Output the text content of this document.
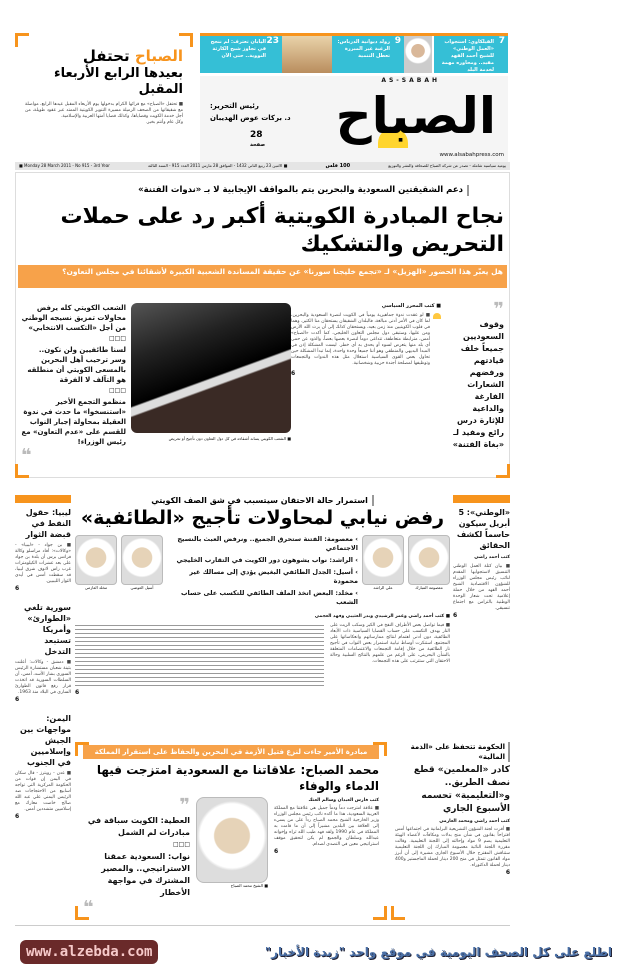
الصباح تحتفل
بعيدها الرابع الأربعاء المقبل
■ تحتفل «الصباح» مع قرائها الكرام بدخولها يوم الأربعاء المقبل عيدها الرابع، مواصلة مع شقيقاتها من الصحف الزميلة مسيرة التنوير الكويتية الممتد عبر عقود طويلة، من أجل خدمة الكويت وقضاياها، وكذلك قضايا أمتها العربية والإسلامية.
وكل عام وأنتم بخير.
7
الفيلكاوي: استجواب «العمل الوطني» للشيخ أحمد الفهد مفيد.. ومحاوره مهمة لخدمة البلد
9
رولد ديوانية الدرباس: الرغبة غير المبررة تعطل التنمية
23
اليابان تعترف: لم ننجح في تجاوز شبح الكارثة النووية.. حتى الآن
AS-SABAH
الصباح
رئيس التحرير:
د. بركات عوض الهديبان
28
صفحة
www.alsabahpress.com
يومية سياسية شاملة - تصدر عن شركة الصباح للصحافة والنشر والتوزيع
100 فلس
■ الاثنين 23 ربيع الثاني 1432 - الموافق 28 مارس 2011 العدد 915 - السنة الثالثة
■ Monday 28 March 2011 - No 915 - 3rd Year
دعم الشقيقتين السعودية والبحرين يتم بالمواقف الإيجابية لا بـ «ندوات الفتنة»
نجاح المبادرة الكويتية أكبر رد على حملات التحريض والتشكيك
هل يعبّر هذا الحضور «الهزيل» لـ «تجمع خليجنا سورنا» عن حقيقة المساندة الشعبية الكبيرة لأشقائنا في مجلس التعاون؟
❞
وقوف السعوديين جميعاً خلف قيادتهم ورفضهم الشعارات الفارغة والداعية للإثارة درس رائع ومفيد لـ «بغاة الفتنة»
■ كتب المحرر السياسي
■ لو عقدت ندوة جماهيرية يومياً في الكويت لنصرة السعودية والبحرين، لما كان في الأمر أدنى مبالغة، فالبلدان الشقيقان يستحقان منا الكثير، وهما في قلوب الكويتيين منذ زمن بعيد، ويستحقان كذلك إلى أن يرث الله الأرض ومن عليها، وستبقى دول مجلس التعاون الخليجي، كما أكدت «الصباح» أمس، مترابطة متعاطفة، تتداعى دوماً لنصرة بعضها بعضاً، والذود عن حمى أي بلد منها يتعرض لسوء أو يحدق به أي خطر. ليست المشكلة إذن في المبدأ البديهي والمنطقي وهو أننا جميعاً وحدة واحدة، إنما تبدأ المشكلة حين تحاول بعض القوى السياسية استغلال مثل هذه الندوات والتجمعات وتوظيفها لمصلحة أجندة حزبية وشخصانية.
6
■ الشعب الكويتي يساند أشقاءه في كل دول التعاون دون تأجيج أو تحريض
الشعب الكويتي كله يرفض محاولات تمزيق نسيجه الوطني من أجل «التكسب الانتخابي»
□□□
لسنا طائفيين ولن نكون.. وسر ترحيب أهل البحرين بالمسعى الكويتي أن منطلقه هو التآلف لا الفرقة
□□□
منظمو التجمع الأخير «استنسخوا» ما حدث في ندوة العقيلة بمحاولة إجبار النواب للقسم على «عدم التعاون» مع رئيس الوزراء!
❝
ليبيا: حقول النفط في قبضة الثوار
■ بن جواد - «ليبيا» - «وكالات»: أفاد مراسلو وكالة فرانس برس أن بلدة بن جواد على بعد عشرات الكيلومترات غرب راس لانوف شرق ليبيا، قد سقطت أمس في أيدي الثوار الليبيين.
6
سورية تلغي «الطوارئ» وأمريكا تستبعد التدخل
■ دمشق - وكالات: أعلنت بثينة شعبان مستشارة الرئيس السوري بشار الأسد، أمس، أن السلطات السورية قد اتخذت قرار رفع قانون الطوارئ الساري في البلاد منذ 1963.
6
اليمن: مواجهات بين الجيش وإسلاميين في الجنوب
■ عدن - رويترز - قال سكان في اليمن إن قوات من الحكومة المركزية التي تواجه أسابيع من الاحتجاجات ضد الرئيس اليمني علي عبد الله صالح خاضت معارك مع إسلاميين متشددين أمس.
6
«الوطني»: 5 أبريل سيكون حاسماً لكشف الحقائق
كتب أحمد راضي
■ بيان كتلة العمل الوطني التنسيق لاستجوابها المقدم لنائب رئيس مجلس الوزراء للشؤون الاقتصادية الشيخ أحمد الفهد من خلال حملة إعلامية تحت شعار الوحدة الوطنية بالتزامن مع اجتماع تنسيقي.
6
استمرار حالة الاحتقان سيتسبب في شق الصف الكويتي
رفض نيابي لمحاولات تأجيج «الطائفية»
معصومة المبارك
علي الراشد
› معصومة: الفتنة ستحرق الجميع.. ونرفض العبث بالنسيج الاجتماعي
› الراشد: نواب يشوهون دور الكويت في التقارب الخليجي
› أسيل: الجدل الطائفي البغيض يؤدي إلى مسالك غير محمودة
› مخلد: البعض اتخذ الملف الطائفي للتكسب على حساب الشعب
أسيل العوضي
مخلد العازمي
■ كتب أحمد راضي وعمر الرشيدي وبدر العتيبي وفهد العجمي
■ فيما تواصل بعض الأطراف النفخ في الكير وسكب الزيت على النار بهدف التكسب على حساب القضايا السياسية ذات الأبعاد الطائفية، دون أدنى اهتمام لنتائج ممارساتهم وانعكاساتها على المجتمع، استنكرت أوساط نيابية استمرار بعض النواب في تأجيج نار الطائفية من خلال إقامة التجمعات والاعتصامات المتعلقة بالشأن البحريني، على الرغم من علمهم بالنتائج السلبية وحالة الاحتقان التي ستترتب على هذه التجمعات.
6
مبادرة الأمير جاءت لنزع فتيل الأزمة في البحرين والحفاظ على استقرار المملكة
محمد الصباح: علاقاتنا مع السعودية امتزجت فيها الدماء والوفاء
كتب فارس العبدان وسالم العنك
■ علاقة امتزجت دماً ودماً جميل هي علاقتنا مع المملكة العربية السعودية، هذا ما أكده نائب رئيس مجلس الوزراء وزير الخارجية الشيخ محمد الصباح رداً على من يسيء إلى العلاقة بين البلدين مشيراً إلى أن ما قامت به المملكة في عام 1990 ولقد فهد طيب الله ثراه وإخوانه عبدالله وسلطان والجميع لم يكن لتحقيق موقف استراتيجي معين في التصدي لصدام.
6
■ الشيخ محمد الصباح
❞
العطية: الكويت سباقة في مبادرات لم الشمل
□□□
نواب: السعودية عمقنا الاستراتيجي.. والمصير المشترك في مواجهة الأخطار
❝
الحكومة تتحفظ على «الذمة المالية»
كادر «المعلمين» قطع نصف الطريق.. و«التعليمية» تحسمه الأسبوع الجاري
كتب أحمد راضي ومحمد العازمي
■ أقرت لجنة الشؤون التشريعية البرلمانية في اجتماعها أمس اقتراحاً بقانون في شأن منح بدلات ومكافآت لأعضاء الهيئة التعليمية يضم 9 مواد وإحالته إلى اللجنة التعليمية. وقالت مقررة اللجنة النائبة معصومة المبارك إن اللجنة التعليمية ستناقش المقترح خلال الأسبوع الجاري مشيرة إلى أن أبرز مواد القانون تتمثل في منح 200 دينار لحملة الماجستير و400 دينار لحملة الدكتوراه.
6
اطلع على كل الصحف اليومية في موقع واحد "زبدة الأخبار"
www.alzebda.com
